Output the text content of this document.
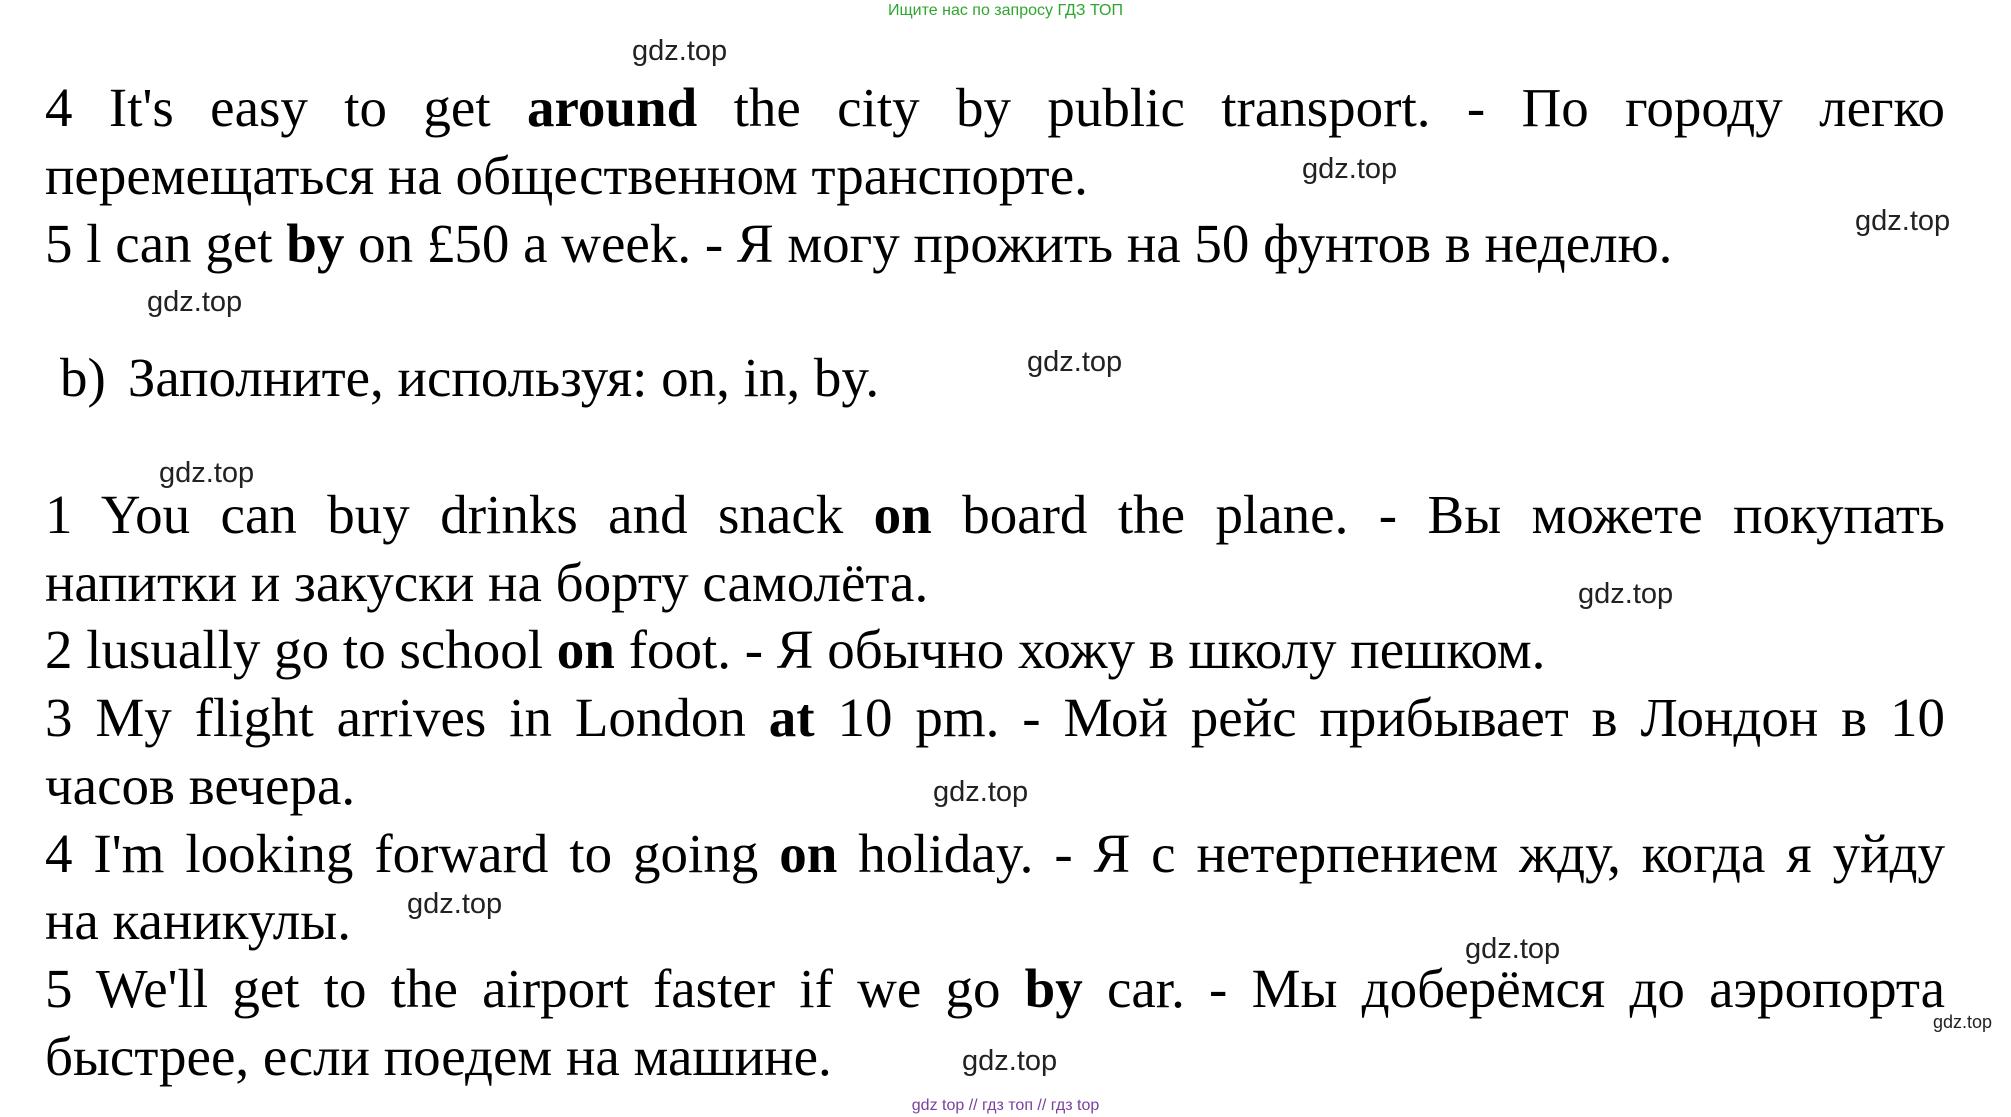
Ищите нас по запросу ГДЗ ТОП
4 It's easy to get around the city by public transport. - По городу легко
перемещаться на общественном транспорте.
5 l can get by on £50 a week. - Я могу прожить на 50 фунтов в неделю.
b) Заполните, используя: on, in, by.
1 You can buy drinks and snack on board the plane. - Вы можете покупать
напитки и закуски на борту самолёта.
2 lusually go to school on foot. - Я обычно хожу в школу пешком.
3 My flight arrives in London at 10 pm. - Мой рейс прибывает в Лондон в 10
часов вечера.
4 I'm looking forward to going on holiday. - Я с нетерпением жду, когда я уйду
на каникулы.
5 We'll get to the airport faster if we go by car. - Мы доберёмся до аэропорта
быстрее, если поедем на машине.
gdz.top
gdz.top
gdz.top
gdz.top
gdz.top
gdz.top
gdz.top
gdz.top
gdz.top
gdz.top
gdz.top
gdz.top
gdz top // гдз топ // гдз top
